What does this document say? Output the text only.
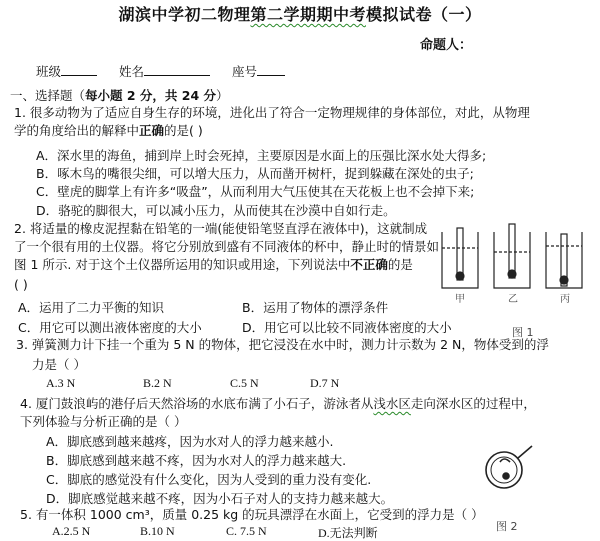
湖滨中学初二物理第二学期期中考模拟试卷（一）
命题人：
班级	姓名	座号
一、选择题（每小题 2 分，共 24 分）
1. 很多动物为了适应自身生存的环境，进化出了符合一定物理规律的身体部位，对此，从物理
学的角度给出的解释中正确的是( )
A．深水里的海鱼，捕到岸上时会死掉，主要原因是水面上的压强比深水处大得多;
B．啄木鸟的嘴很尖细，可以增大压力，从而凿开树杆，捉到躲藏在深处的虫子;
C．壁虎的脚掌上有许多“吸盘”，从而利用大气压使其在天花板上也不会掉下来;
D．骆驼的脚很大，可以减小压力，从而使其在沙漠中自如行走。
2. 将适量的橡皮泥捏黏在铅笔的一端(能使铅笔竖直浮在液体中)，这就制成
了一个很有用的土仪器。将它分别放到盛有不同液体的杯中，静止时的情景如
图 1 所示. 对于这个土仪器所运用的知识或用途，下列说法中不正确的是
( )
A．运用了二力平衡的知识	B．运用了物体的漂浮条件
C．用它可以测出液体密度的大小	D．用它可以比较不同液体密度的大小
甲	乙	丙
图 1
3. 弹簧测力计下挂一个重为 5 N 的物体，把它浸没在水中时，测力计示数为 2 N，物体受到的浮
力是（ ）
A.3 N	B.2 N	C.5 N	D.7 N
4. 厦门鼓浪屿的港仔后天然浴场的水底布满了小石子，游泳者从浅水区走向深水区的过程中，
下列体验与分析正确的是（ ）
A．脚底感到越来越疼，因为水对人的浮力越来越小.
B．脚底感到越来越不疼，因为水对人的浮力越来越大.
C．脚底的感觉没有什么变化，因为人受到的重力没有变化.
D．脚底感觉越来越不疼，因为小石子对人的支持力越来越大。
图 2
5. 有一体积 1000 cm³，质量 0.25 kg 的玩具漂浮在水面上，它受到的浮力是（ ）
A.2.5 N	B.10 N	C. 7.5 N	D.无法判断
